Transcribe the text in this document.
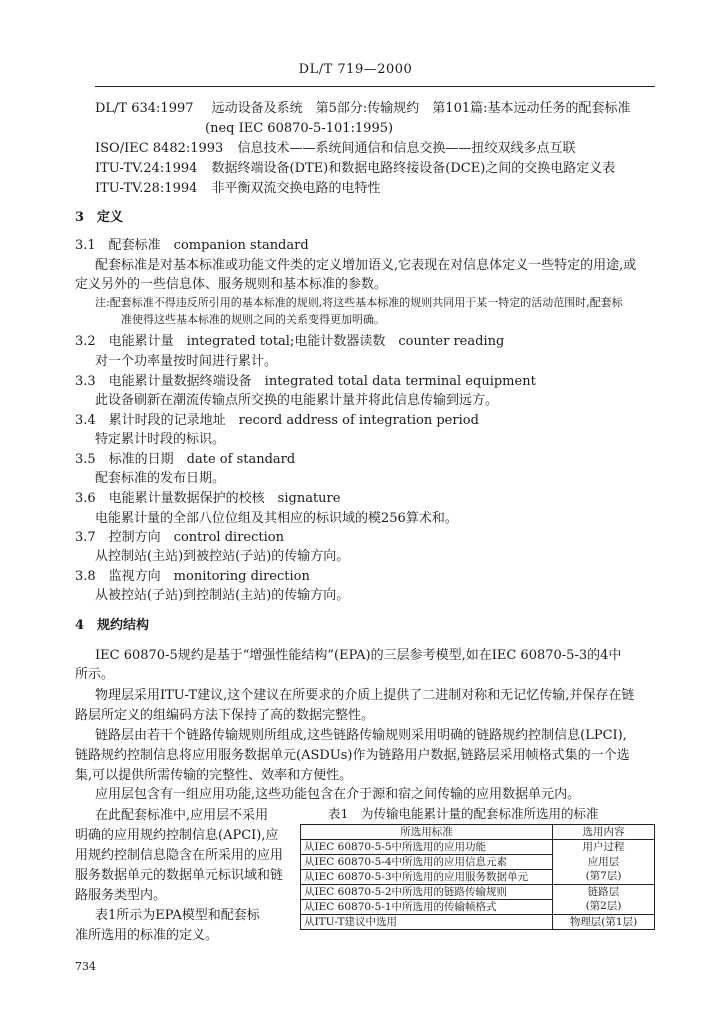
DL/T 719—2000
DL/T 634:1997 远动设备及系统　第5部分:传输规约　第101篇:基本远动任务的配套标准
(neq IEC 60870-5-101:1995)
ISO/IEC 8482:1993 信息技术——系统间通信和信息交换——扭绞双线多点互联
ITU-TV.24:1994 数据终端设备(DTE)和数据电路终接设备(DCE)之间的交换电路定义表
ITU-TV.28:1994 非平衡双流交换电路的电特性
3　定义
3.1　配套标准　companion standard
配套标准是对基本标准或功能文件类的定义增加语义,它表现在对信息体定义一些特定的用途,或
定义另外的一些信息体、服务规则和基本标准的参数。
注:配套标准不得违反所引用的基本标准的规则,将这些基本标准的规则共同用于某一特定的活动范围时,配套标
准使得这些基本标准的规则之间的关系变得更加明确。
3.2　电能累计量　integrated total;电能计数器读数　counter reading
对一个功率量按时间进行累计。
3.3　电能累计量数据终端设备　integrated total data terminal equipment
此设备刷新在潮流传输点所交换的电能累计量并将此信息传输到远方。
3.4　累计时段的记录地址　record address of integration period
特定累计时段的标识。
3.5　标准的日期　date of standard
配套标准的发布日期。
3.6　电能累计量数据保护的校核　signature
电能累计量的全部八位位组及其相应的标识域的模256算术和。
3.7　控制方向　control direction
从控制站(主站)到被控站(子站)的传输方向。
3.8　监视方向　monitoring direction
从被控站(子站)到控制站(主站)的传输方向。
4　规约结构
IEC 60870-5规约是基于“增强性能结构”(EPA)的三层参考模型,如在IEC 60870-5-3的4中
所示。
物理层采用ITU-T建议,这个建议在所要求的介质上提供了二进制对称和无记忆传输,并保存在链
路层所定义的组编码方法下保持了高的数据完整性。
链路层由若干个链路传输规则所组成,这些链路传输规则采用明确的链路规约控制信息(LPCI),
链路规约控制信息将应用服务数据单元(ASDUs)作为链路用户数据,链路层采用帧格式集的一个选
集,可以提供所需传输的完整性、效率和方便性。
应用层包含有一组应用功能,这些功能包含在介于源和宿之间传输的应用数据单元内。
在此配套标准中,应用层不采用
明确的应用规约控制信息(APCI),应
用规约控制信息隐含在所采用的应用
服务数据单元的数据单元标识域和链
路服务类型内。
表1所示为EPA模型和配套标
准所选用的标准的定义。
表1　为传输电能累计量的配套标准所选用的标准
所选用标准	选用内容
从IEC 60870-5-5中所选用的应用功能	用户过程
从IEC 60870-5-4中所选用的应用信息元素	应用层
从IEC 60870-5-3中所选用的应用服务数据单元	(第7层)
从IEC 60870-5-2中所选用的链路传输规则	链路层
从IEC 60870-5-1中所选用的传输帧格式	(第2层)
从ITU-T建议中选用	物理层(第1层)
734
